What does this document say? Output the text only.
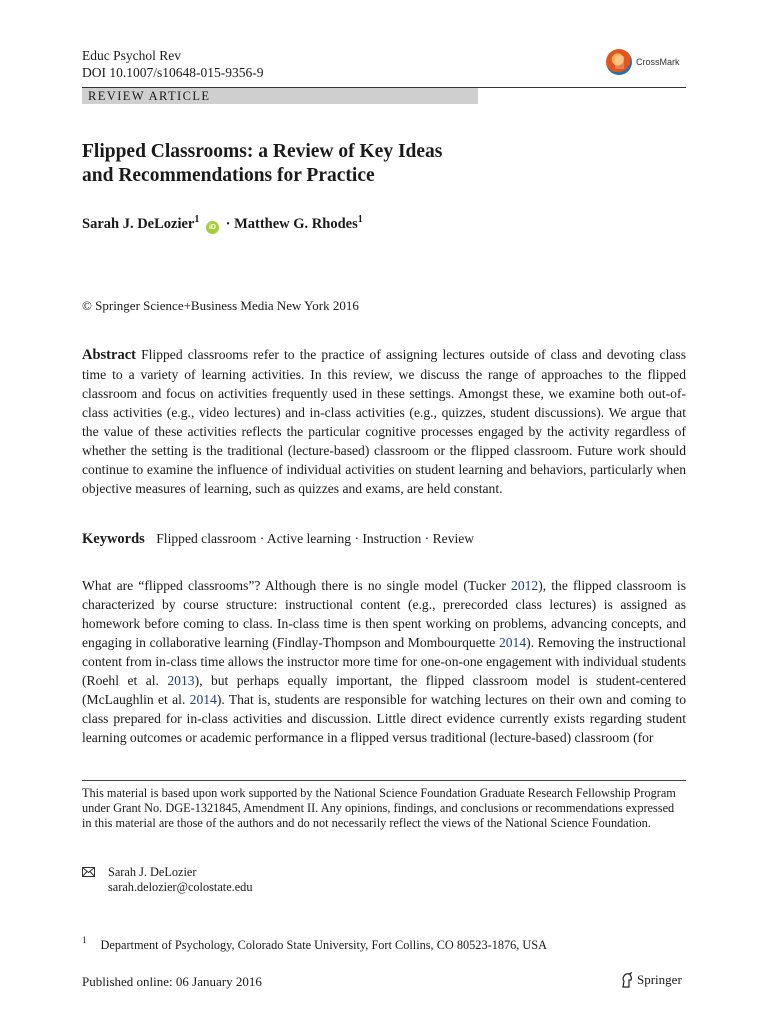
Educ Psychol Rev
DOI 10.1007/s10648-015-9356-9
CrossMark
REVIEW ARTICLE
Flipped Classrooms: a Review of Key Ideas
and Recommendations for Practice
Sarah J. DeLozier$^1$ iD · Matthew G. Rhodes$^1$
© Springer Science+Business Media New York 2016
Abstract Flipped classrooms refer to the practice of assigning lectures outside of class and devoting class time to a variety of learning activities. In this review, we discuss the range of approaches to the flipped classroom and focus on activities frequently used in these settings. Amongst these, we examine both out-of-class activities (e.g., video lectures) and in-class activities (e.g., quizzes, student discussions). We argue that the value of these activities reflects the particular cognitive processes engaged by the activity regardless of whether the setting is the traditional (lecture-based) classroom or the flipped classroom. Future work should continue to examine the influence of individual activities on student learning and behaviors, particularly when objective measures of learning, such as quizzes and exams, are held constant.
Keywords Flipped classroom · Active learning · Instruction · Review
What are “flipped classrooms”? Although there is no single model (Tucker 2012), the flipped classroom is characterized by course structure: instructional content (e.g., prerecorded class lectures) is assigned as homework before coming to class. In-class time is then spent working on problems, advancing concepts, and engaging in collaborative learning (Findlay-Thompson and Mombourquette 2014). Removing the instructional content from in-class time allows the instructor more time for one-on-one engagement with individual students (Roehl et al. 2013), but perhaps equally important, the flipped classroom model is student-centered (McLaughlin et al. 2014). That is, students are responsible for watching lectures on their own and coming to class prepared for in-class activities and discussion. Little direct evidence currently exists regarding student learning outcomes or academic performance in a flipped versus traditional (lecture-based) classroom (for
This material is based upon work supported by the National Science Foundation Graduate Research Fellowship Program under Grant No. DGE-1321845, Amendment II. Any opinions, findings, and conclusions or recommendations expressed in this material are those of the authors and do not necessarily reflect the views of the National Science Foundation.
Sarah J. DeLozier
sarah.delozier@colostate.edu
$^1$ Department of Psychology, Colorado State University, Fort Collins, CO 80523-1876, USA
Published online: 06 January 2016	Springer
